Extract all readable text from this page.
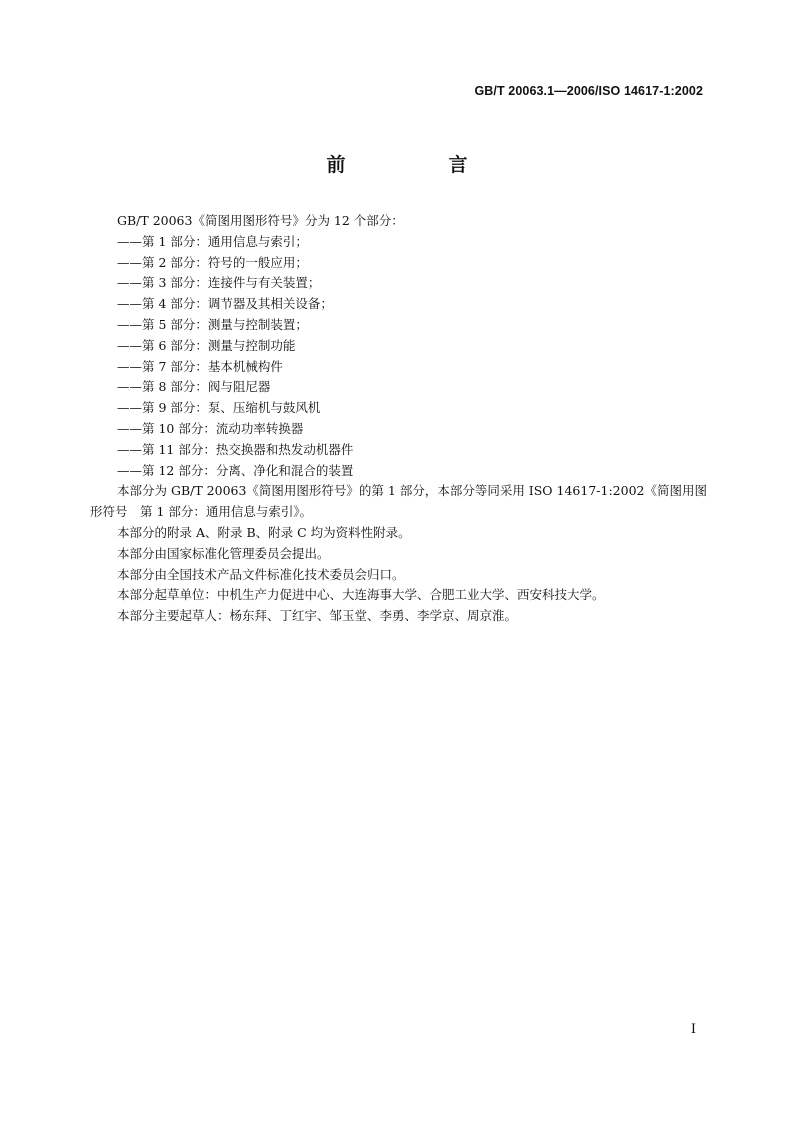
GB/T 20063.1—2006/ISO 14617-1:2002
前　言

GB/T 20063《简图用图形符号》分为 12 个部分：

——第 1 部分：通用信息与索引；

——第 2 部分：符号的一般应用；

——第 3 部分：连接件与有关装置；

——第 4 部分：调节器及其相关设备；

——第 5 部分：测量与控制装置；

——第 6 部分：测量与控制功能

——第 7 部分：基本机械构件

——第 8 部分：阀与阻尼器

——第 9 部分：泵、压缩机与鼓风机

——第 10 部分：流动功率转换器

——第 11 部分：热交换器和热发动机器件

——第 12 部分：分离、净化和混合的装置

本部分为 GB/T 20063《简图用图形符号》的第 1 部分，本部分等同采用 ISO 14617-1:2002《简图用图形符号　第 1 部分：通用信息与索引》。

本部分的附录 A、附录 B、附录 C 均为资料性附录。

本部分由国家标准化管理委员会提出。

本部分由全国技术产品文件标准化技术委员会归口。

本部分起草单位：中机生产力促进中心、大连海事大学、合肥工业大学、西安科技大学。

本部分主要起草人：杨东拜、丁红宇、邹玉堂、李勇、李学京、周京淮。

I
